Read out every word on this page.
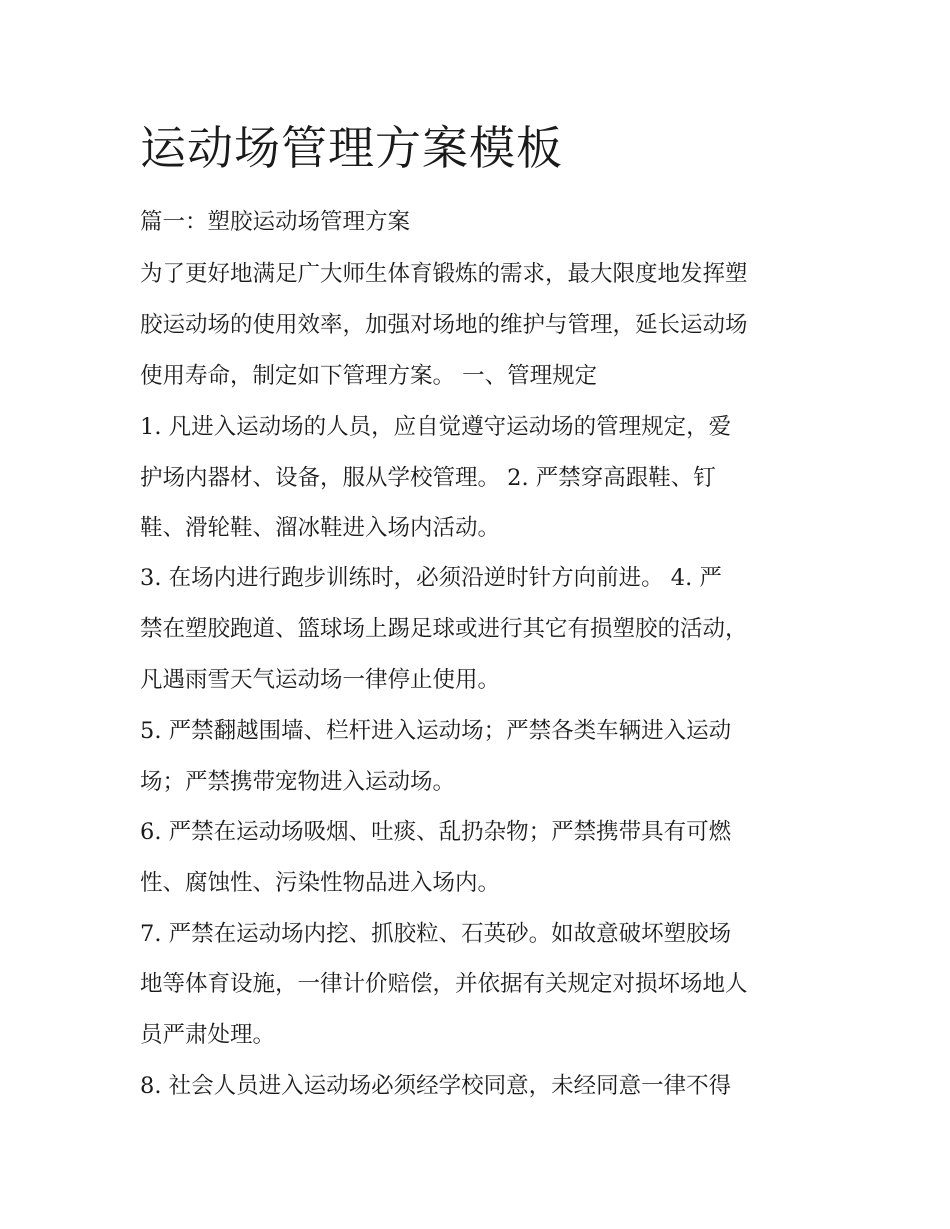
运动场管理方案模板
篇一：塑胶运动场管理方案
为了更好地满足广大师生体育锻炼的需求，最大限度地发挥塑
胶运动场的使用效率，加强对场地的维护与管理，延长运动场
使用寿命，制定如下管理方案。 一、管理规定
1. 凡进入运动场的人员，应自觉遵守运动场的管理规定，爱
护场内器材、设备，服从学校管理。 2. 严禁穿高跟鞋、钉
鞋、滑轮鞋、溜冰鞋进入场内活动。
3. 在场内进行跑步训练时，必须沿逆时针方向前进。 4. 严
禁在塑胶跑道、篮球场上踢足球或进行其它有损塑胶的活动，
凡遇雨雪天气运动场一律停止使用。
5. 严禁翻越围墙、栏杆进入运动场；严禁各类车辆进入运动
场；严禁携带宠物进入运动场。
6. 严禁在运动场吸烟、吐痰、乱扔杂物；严禁携带具有可燃
性、腐蚀性、污染性物品进入场内。
7. 严禁在运动场内挖、抓胶粒、石英砂。如故意破坏塑胶场
地等体育设施，一律计价赔偿，并依据有关规定对损坏场地人
员严肃处理。
8. 社会人员进入运动场必须经学校同意，未经同意一律不得
